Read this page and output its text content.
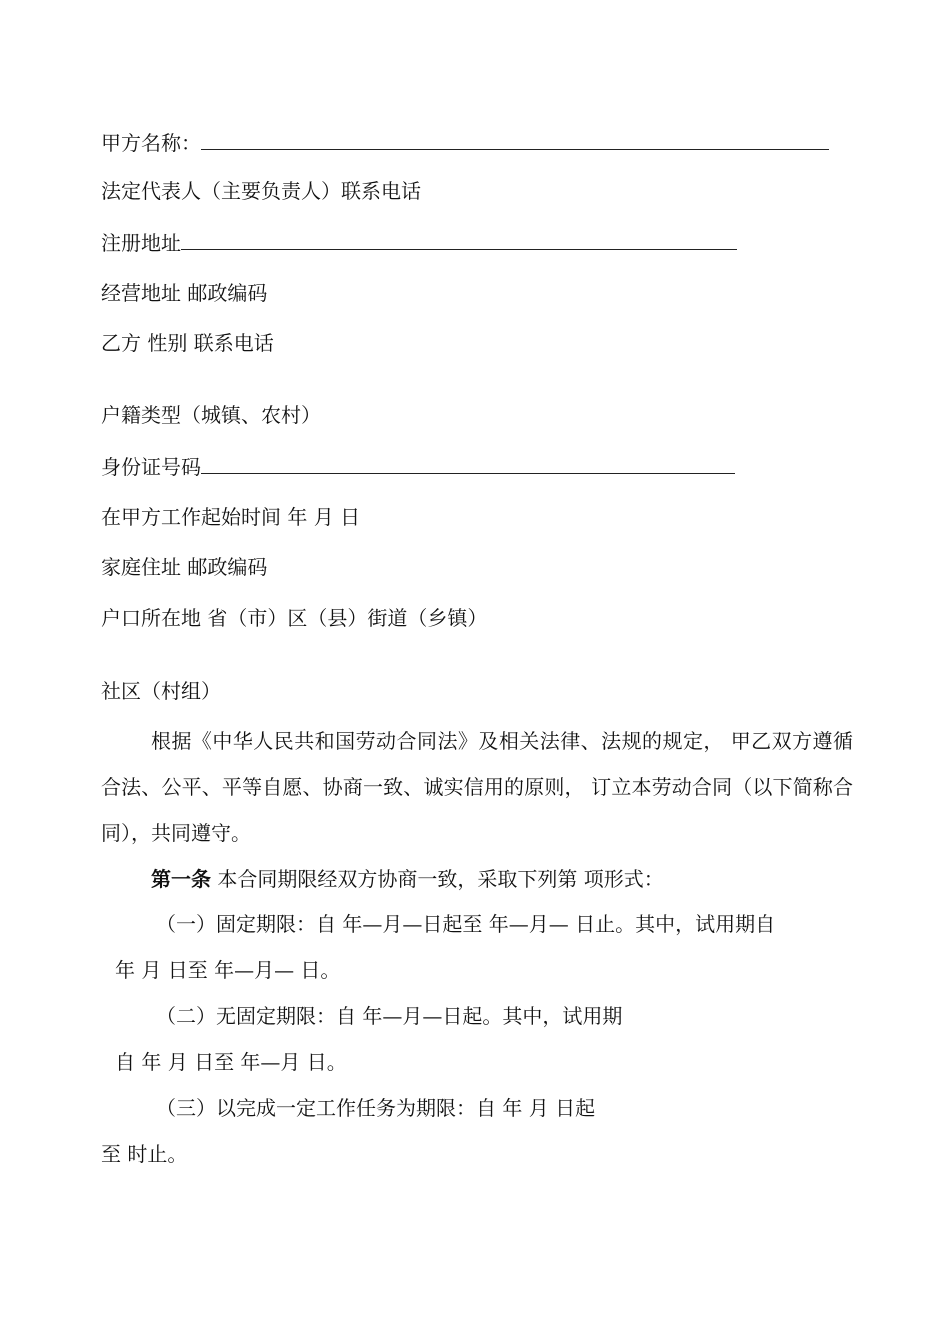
甲方名称：
法定代表人（主要负责人）联系电话
注册地址
经营地址 邮政编码
乙方 性别 联系电话
户籍类型（城镇、农村）
身份证号码
在甲方工作起始时间 年 月 日
家庭住址 邮政编码
户口所在地 省（市）区（县）街道（乡镇）
社区（村组）
根据《中华人民共和国劳动合同法》及相关法律、法规的规定， 甲乙双方遵循合法、公平、平等自愿、协商一致、诚实信用的原则， 订立本劳动合同（以下简称合同），共同遵守。
第一条 本合同期限经双方协商一致，采取下列第 项形式：
（一）固定期限：自 年—月—日起至 年—月— 日止。其中，试用期自
年 月 日至 年—月— 日。
（二）无固定期限：自 年—月—日起。其中，试用期
自 年 月 日至 年—月 日。
（三）以完成一定工作任务为期限：自 年 月 日起
至 时止。
